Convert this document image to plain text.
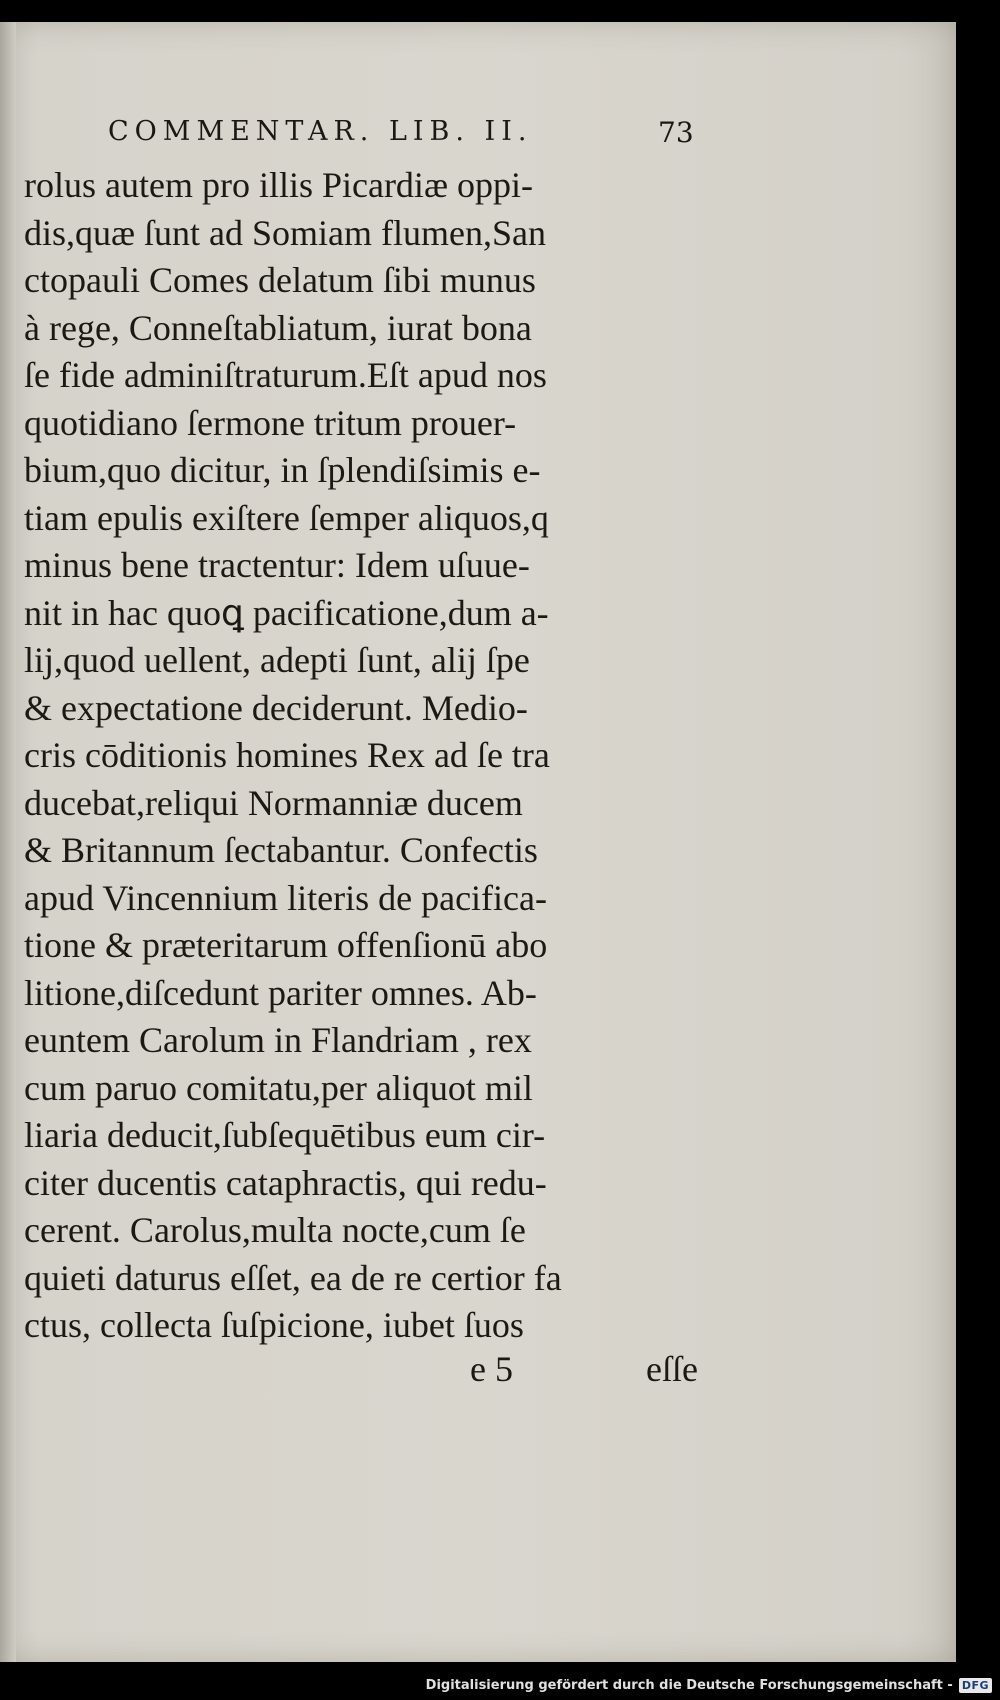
COMMENTAR. LIB. II.	73
rolus autem pro illis Picardiæ oppi-
dis,quæ ſunt ad Somiam flumen,San
ctopauli Comes delatum ſibi munus
à rege, Conneſtabliatum, iurat bona
ſe fide adminiſtraturum.Eſt apud nos
quotidiano ſermone tritum prouer-
bium,quo dicitur, in ſplendiſsimis e-
tiam epulis exiſtere ſemper aliquos,q
minus bene tractentur: Idem uſuue-
nit in hac quoꝗ pacificatione,dum a-
lij,quod uellent, adepti ſunt, alij ſpe
& expectatione deciderunt. Medio-
cris cōditionis homines Rex ad ſe tra
ducebat,reliqui Normanniæ ducem
& Britannum ſectabantur. Confectis
apud Vincennium literis de pacifica-
tione & præteritarum offenſionū abo
litione,diſcedunt pariter omnes. Ab-
euntem Carolum in Flandriam , rex
cum paruo comitatu,per aliquot mil
liaria deducit,ſubſequētibus eum cir-
citer ducentis cataphractis, qui redu-
cerent. Carolus,multa nocte,cum ſe
quieti daturus eſſet, ea de re certior fa
ctus, collecta ſuſpicione, iubet ſuos
e 5	eſſe
Digitalisierung gefördert durch die Deutsche Forschungsgemeinschaft - DFG
